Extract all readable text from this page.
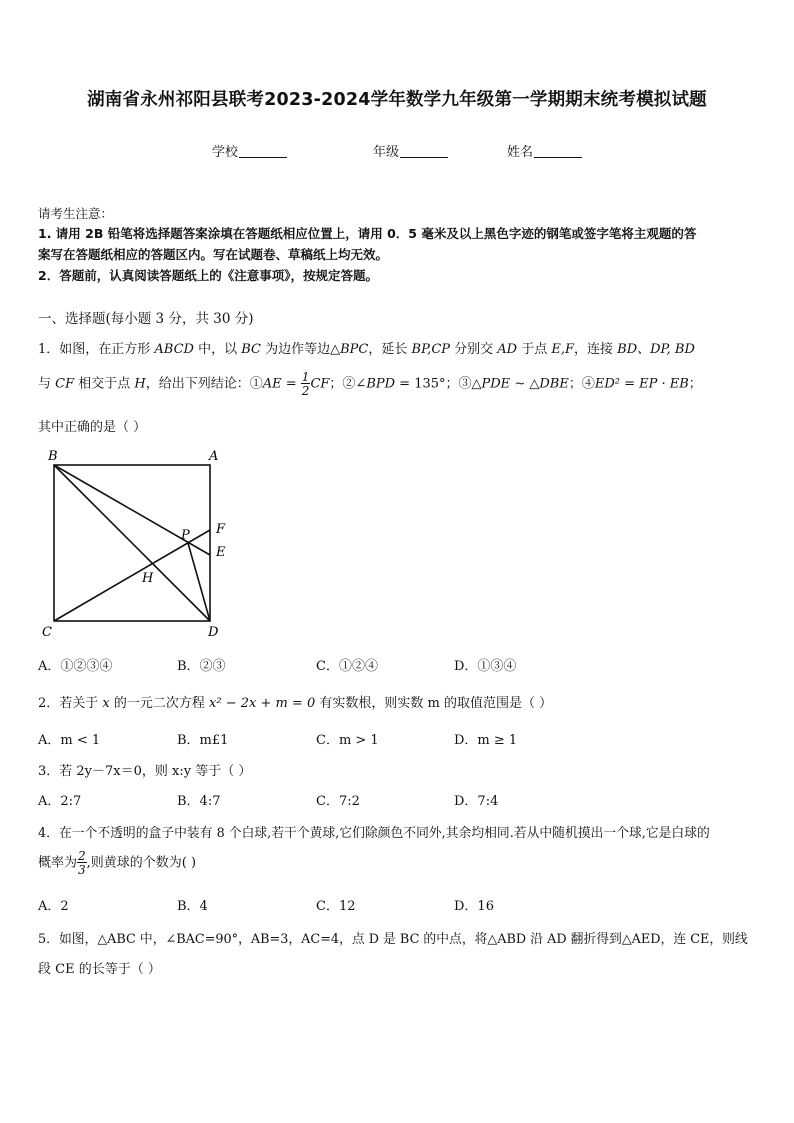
湖南省永州祁阳县联考2023-2024学年数学九年级第一学期期末统考模拟试题
学校	年级	姓名
请考生注意：
1. 请用 2B 铅笔将选择题答案涂填在答题纸相应位置上，请用 0．5 毫米及以上黑色字迹的钢笔或签字笔将主观题的答
案写在答题纸相应的答题区内。写在试题卷、草稿纸上均无效。
2．答题前，认真阅读答题纸上的《注意事项》，按规定答题。
一、选择题(每小题 3 分，共 30 分)
1．如图，在正方形 ABCD 中，以 BC 为边作等边△BPC，延长 BP,CP 分别交 AD 于点 E,F，连接 BD、DP, BD
与 CF 相交于点 H，给出下列结论：①AE = $\frac{1}{2}$ CF；②∠BPD = 135°；③△PDE ∼ △DBE；④ED² = EP · EB；
其中正确的是（ ）
B	A
F
P
E
H
C	D
A．①②③④	B．②③	C．①②④	D．①③④
2．若关于 x 的一元二次方程 x² − 2x + m = 0 有实数根，则实数 m 的取值范围是（ ）
A．m < 1	B．m£1	C．m > 1	D．m ≥ 1
3．若 2y－7x＝0，则 x:y 等于（ ）
A．2:7	B．4:7	C．7:2	D．7:4
4．在一个不透明的盒子中装有 8 个白球,若干个黄球,它们除颜色不同外,其余均相同.若从中随机摸出一个球,它是白球的
概率为 $\frac{2}{3}$ ,则黄球的个数为( )
A．2	B．4	C．12	D．16
5．如图，△ABC 中，∠BAC=90°，AB=3，AC=4，点 D 是 BC 的中点，将△ABD 沿 AD 翻折得到△AED，连 CE，则线
段 CE 的长等于（ ）
